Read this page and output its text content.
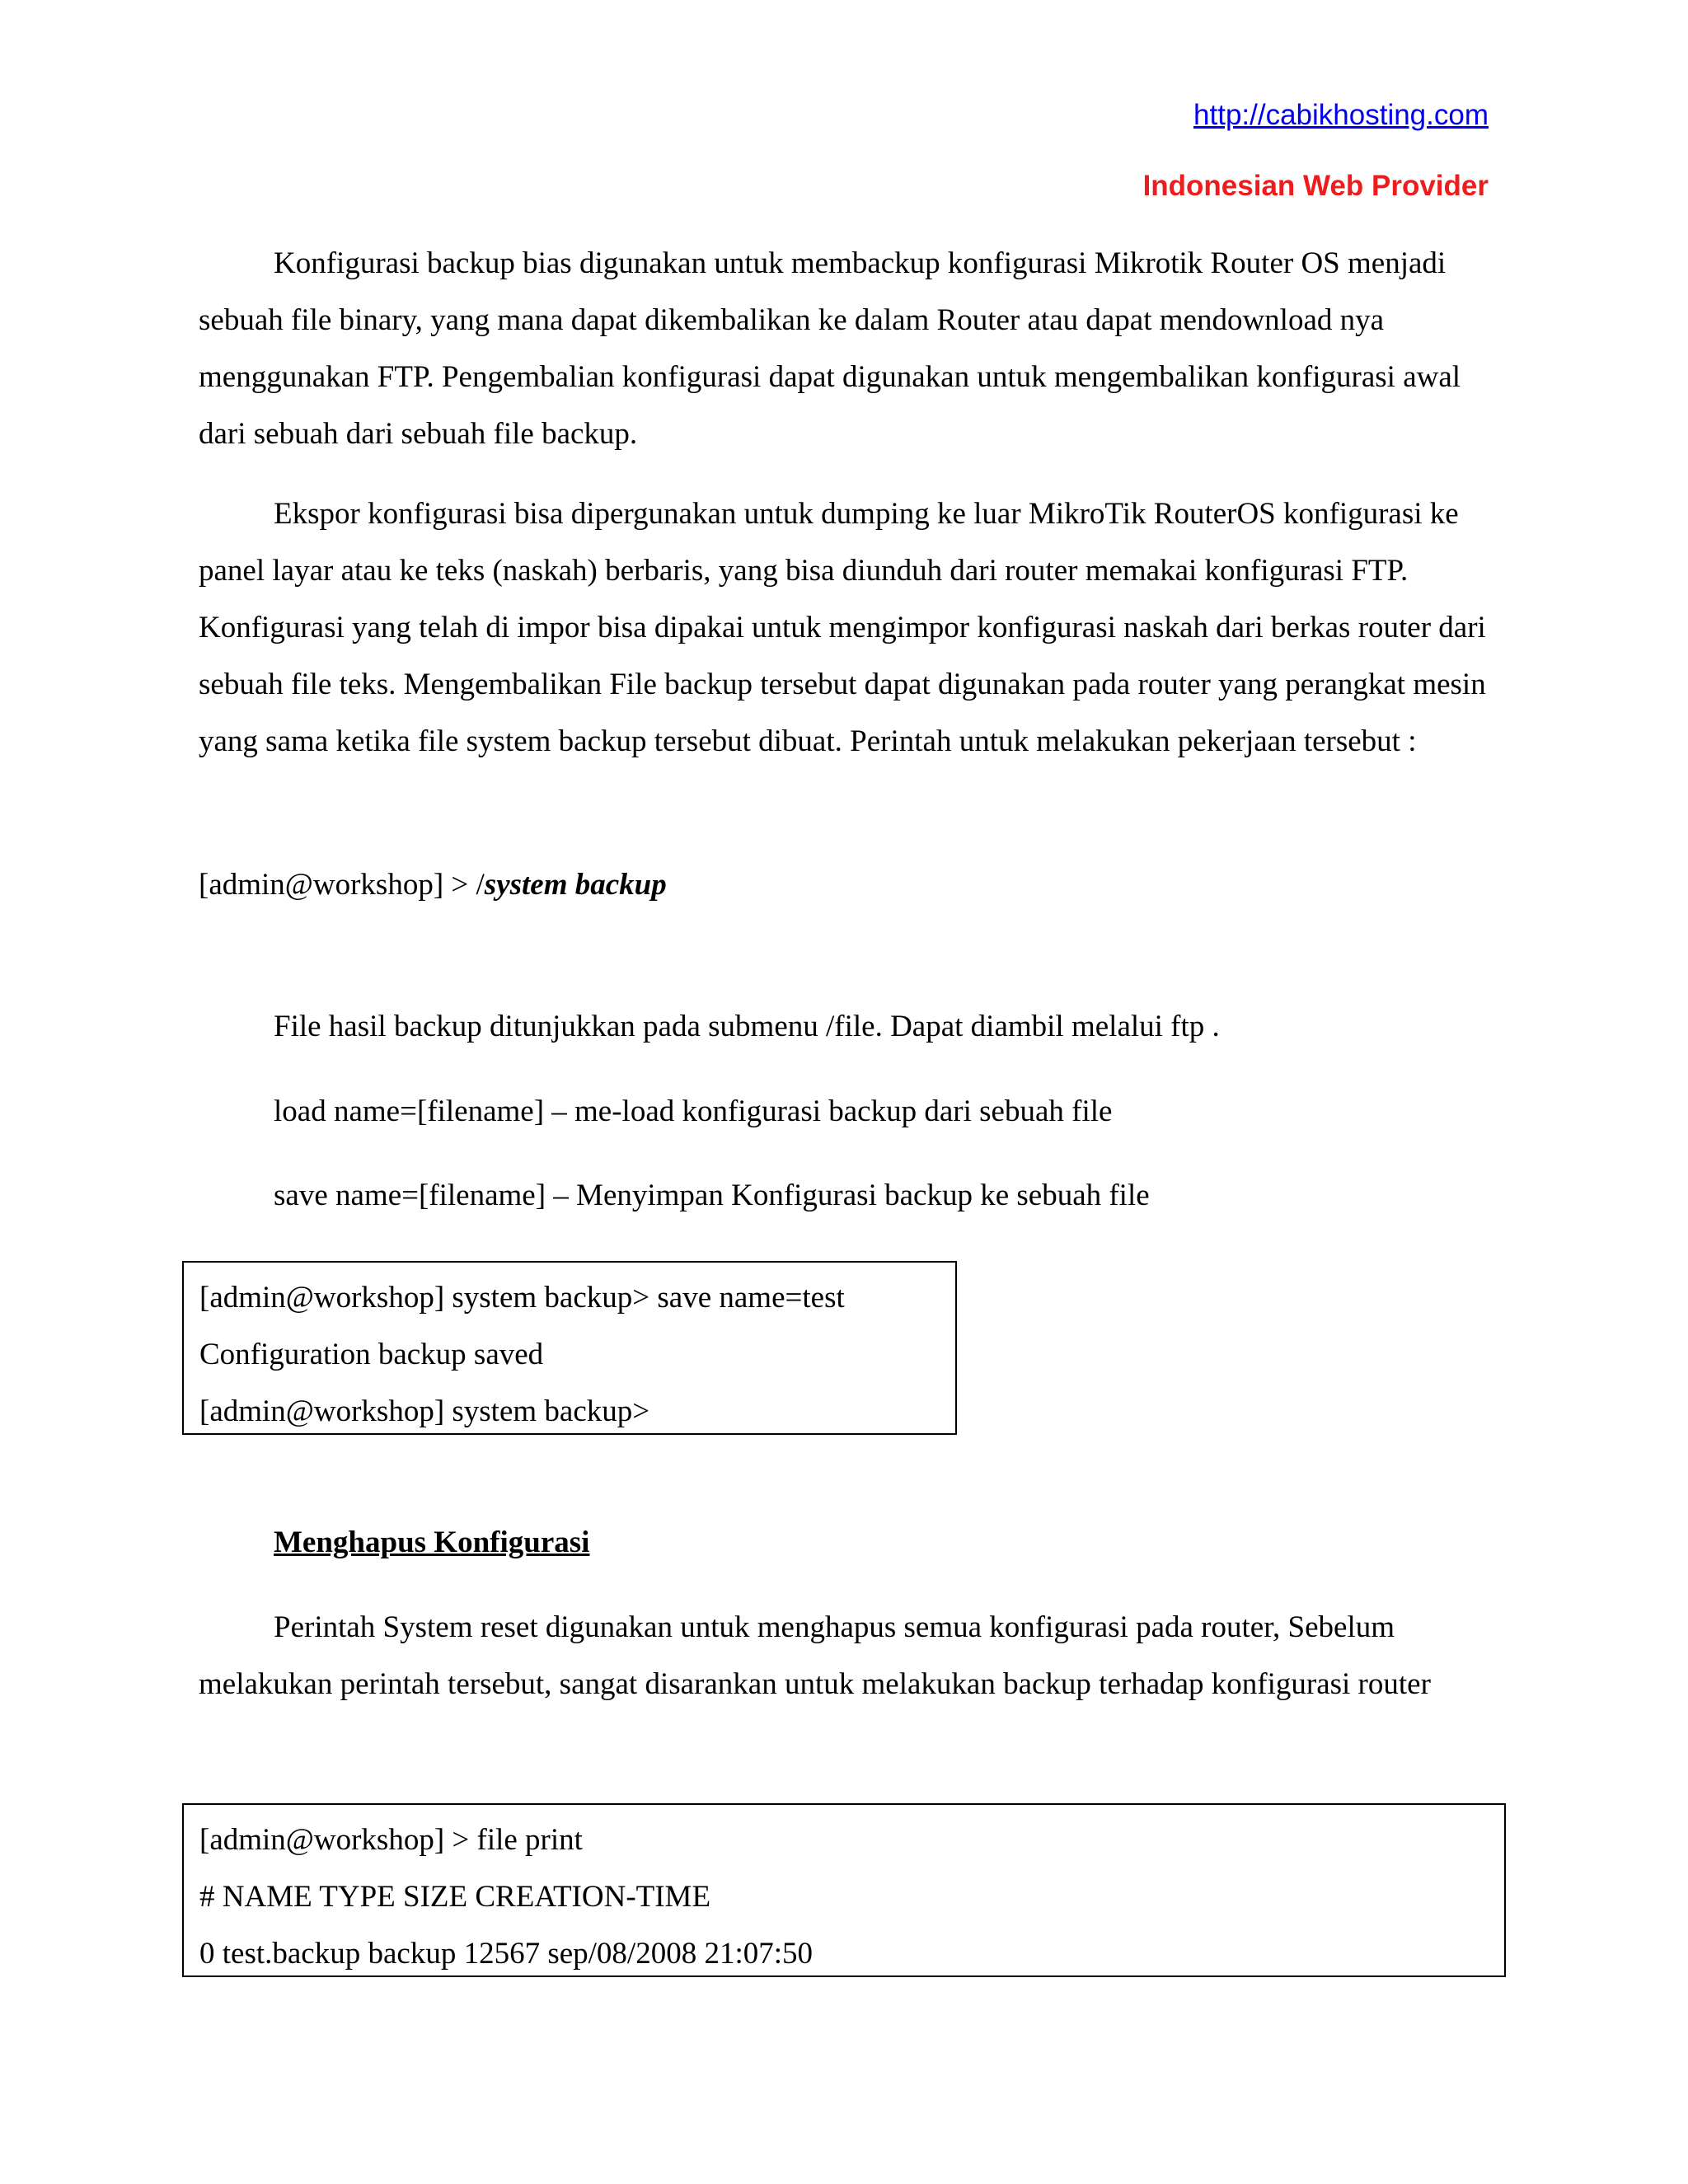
http://cabikhosting.com
Indonesian Web Provider

Konfigurasi backup bias digunakan untuk membackup konfigurasi Mikrotik Router OS menjadi sebuah file binary, yang mana dapat dikembalikan ke dalam Router atau dapat mendownload nya menggunakan FTP. Pengembalian konfigurasi dapat digunakan untuk mengembalikan konfigurasi awal dari sebuah dari sebuah file backup.

Ekspor konfigurasi bisa dipergunakan untuk dumping ke luar MikroTik RouterOS konfigurasi ke panel layar atau ke teks (naskah) berbaris, yang bisa diunduh dari router memakai konfigurasi FTP. Konfigurasi yang telah di impor bisa dipakai untuk mengimpor konfigurasi naskah dari berkas router dari sebuah file teks. Mengembalikan File backup tersebut dapat digunakan pada router yang perangkat mesin yang sama ketika file system backup tersebut dibuat. Perintah untuk melakukan pekerjaan tersebut :

[admin@workshop] > /system backup
File hasil backup ditunjukkan pada submenu /file. Dapat diambil melalui ftp .
load name=[filename] – me-load konfigurasi backup dari sebuah file
save name=[filename] – Menyimpan Konfigurasi backup ke sebuah file
[admin@workshop] system backup> save name=test
Configuration backup saved
[admin@workshop] system backup>
Menghapus Konfigurasi

Perintah System reset digunakan untuk menghapus semua konfigurasi pada router, Sebelum melakukan perintah tersebut, sangat disarankan untuk melakukan backup terhadap konfigurasi router

[admin@workshop] > file print
# NAME TYPE SIZE CREATION-TIME
0 test.backup backup 12567 sep/08/2008 21:07:50
